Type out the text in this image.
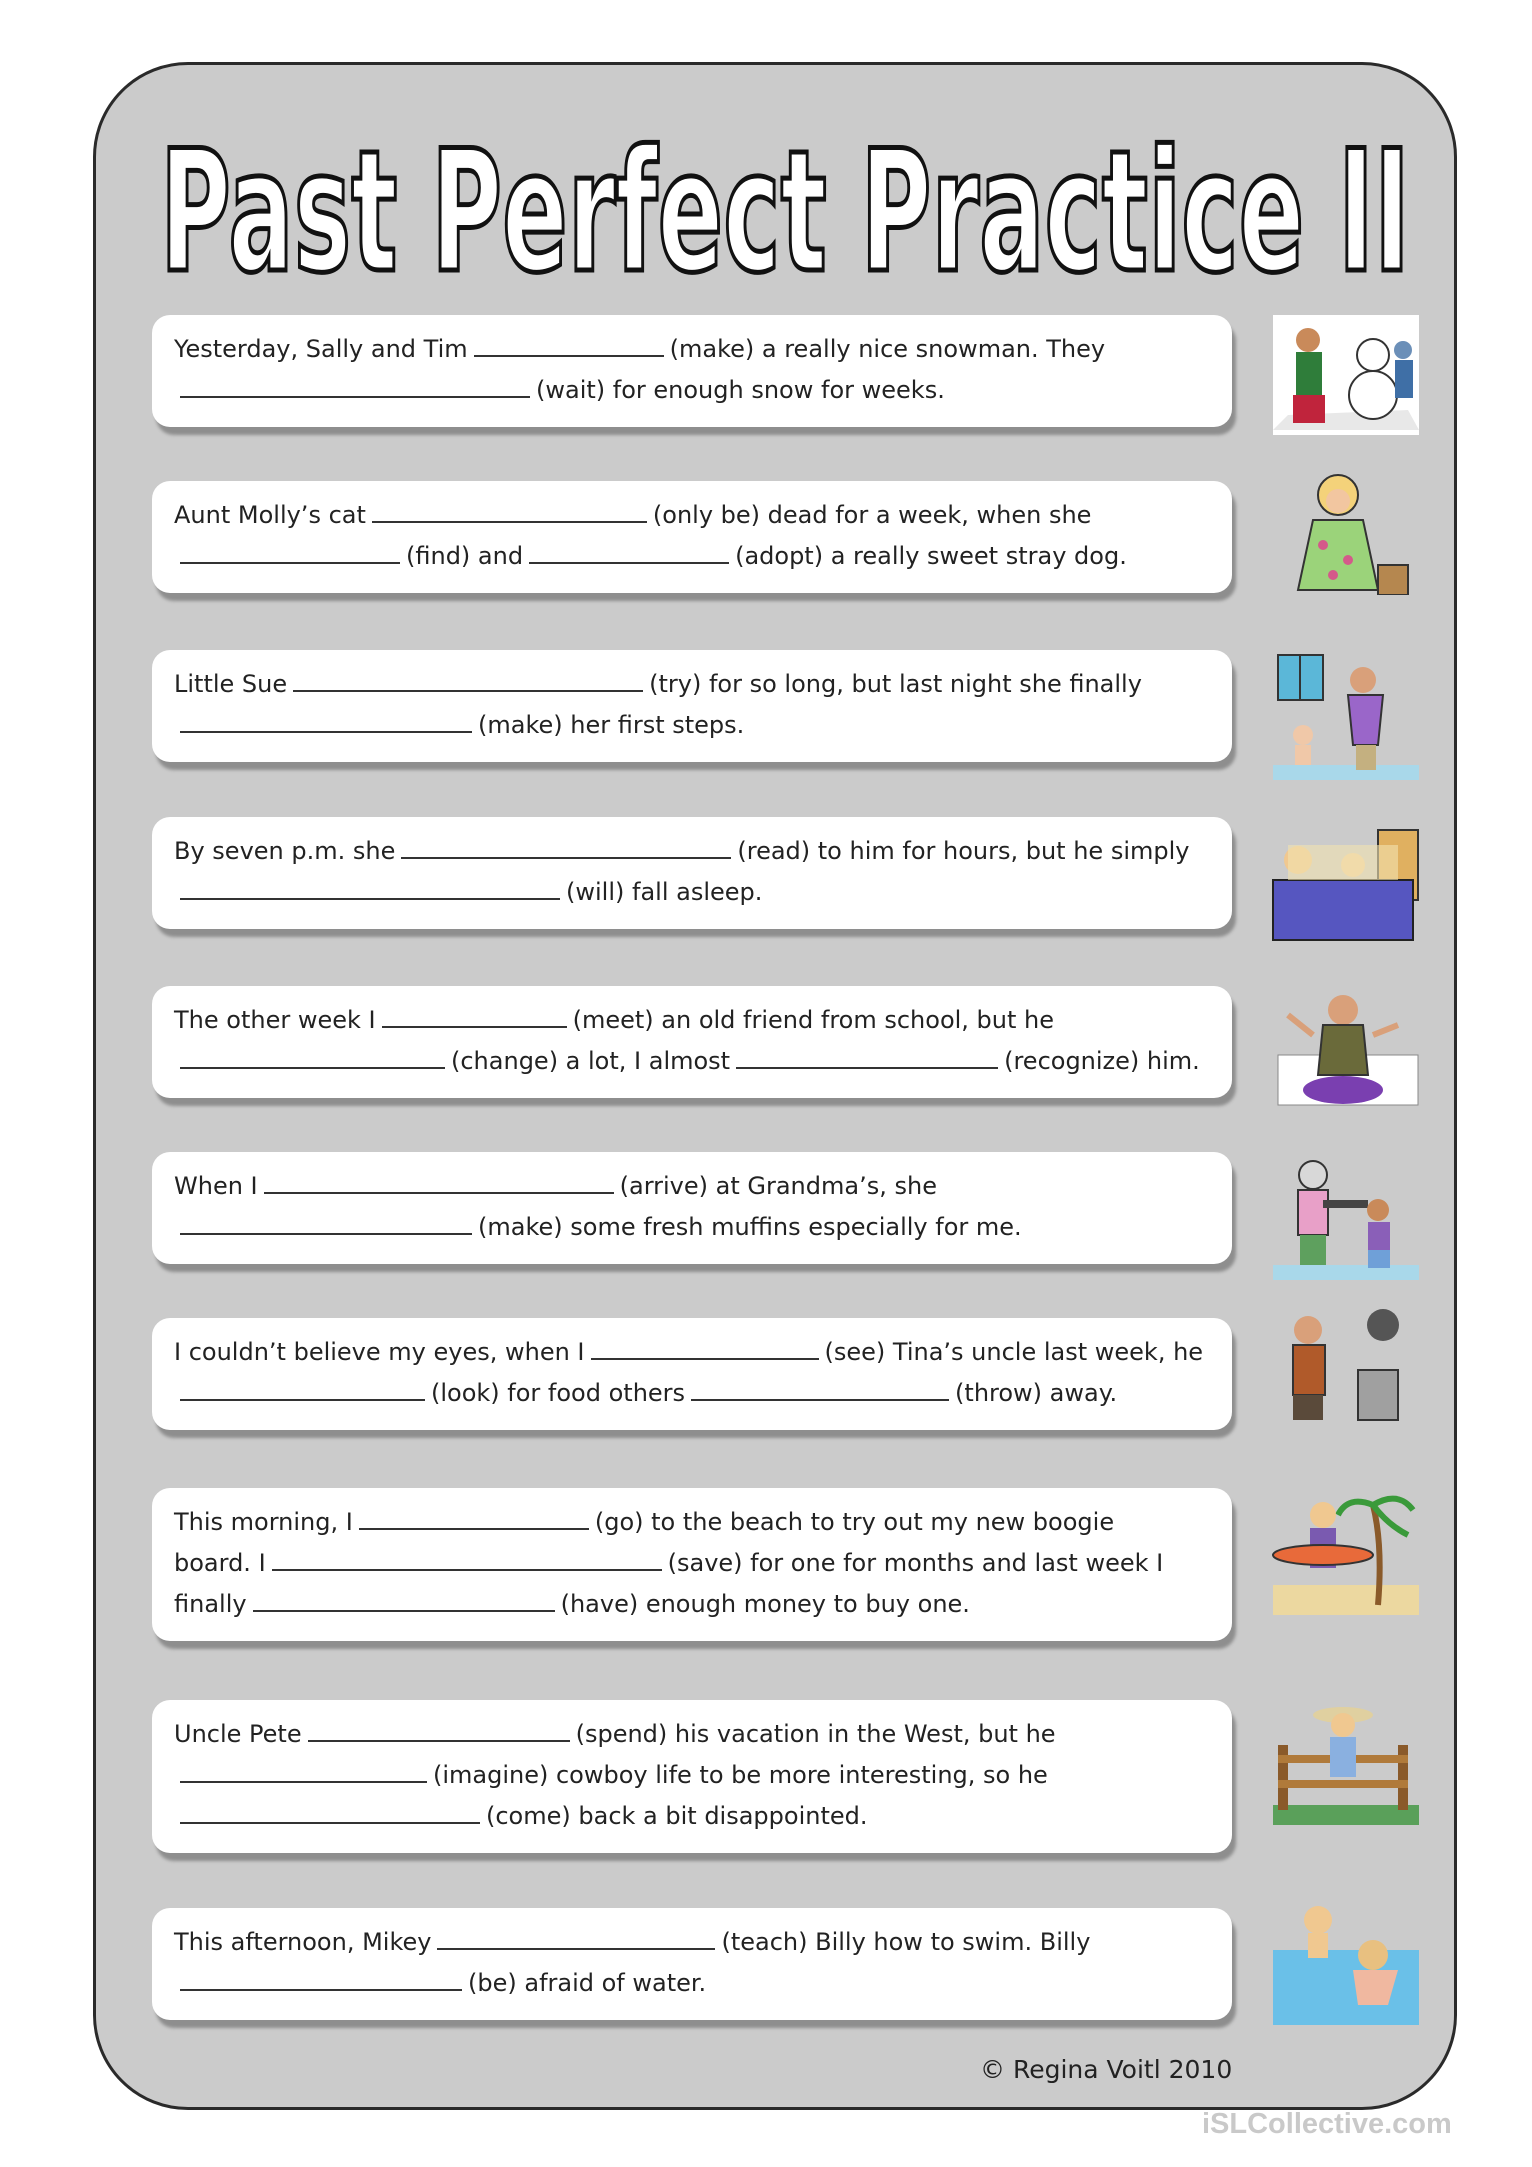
Past Perfect Practice II
Yesterday, Sally and Tim	(make) a really nice snowman. They
(wait) for enough snow for weeks.
Aunt Molly’s cat	(only be) dead for a week, when she
(find) and	(adopt) a really sweet stray dog.
Little Sue	(try) for so long, but last night she finally
(make) her first steps.
By seven p.m. she	(read) to him for hours, but he simply
(will) fall asleep.
The other week I	(meet) an old friend from school, but he
(change) a lot, I almost	(recognize) him.
When I	(arrive) at Grandma’s, she
(make) some fresh muffins especially for me.
I couldn’t believe my eyes, when I	(see) Tina’s uncle last week, he
(look) for food others	(throw) away.
This morning, I	(go) to the beach to try out my new boogie
board. I	(save) for one for months and last week I
finally	(have) enough money to buy one.
Uncle Pete	(spend) his vacation in the West, but he
(imagine) cowboy life to be more interesting, so he
(come) back a bit disappointed.
This afternoon, Mikey	(teach) Billy how to swim. Billy
(be) afraid of water.
© Regina Voitl 2010
iSLCollective.com
